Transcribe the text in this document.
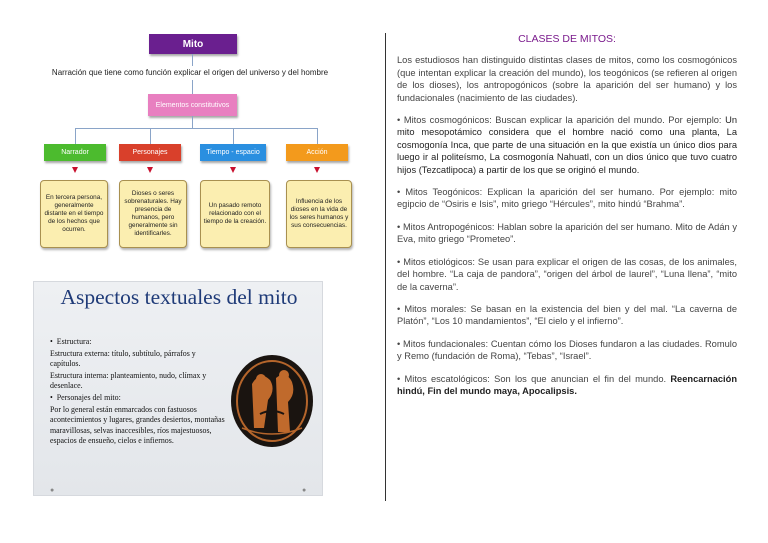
Mito
Narración que tiene como función explicar el origen del universo y del hombre
Elementos constitutivos
Narrador	Personajes	Tiempo - espacio	Acción
En tercera persona, generalmente distante en el tiempo de los hechos que ocurren.
Dioses o seres sobrenaturales. Hay presencia de humanos, pero generalmente sin identificarles.
Un pasado remoto relacionado con el tiempo de la creación.
Influencia de los dioses en la vida de los seres humanos y sus consecuencias.
Aspectos textuales del mito

• Estructura:

Estructura externa: título, subtítulo, párrafos y capítulos.

Estructura interna: planteamiento, nudo, clímax y desenlace.

• Personajes del mito:

Por lo general están enmarcados con fastuosos acontecimientos y lugares, grandes desiertos, montañas maravillosas, selvas inaccesibles, ríos majestuosos, espacios de ensueño, cielos e infiernos.

●	●
CLASES DE MITOS:

Los estudiosos han distinguido distintas clases de mitos, como los cosmogónicos (que intentan explicar la creación del mundo), los teogónicos (se refieren al origen de los dioses), los antropogónicos (sobre la aparición del ser humano) y los fundacionales (nacimiento de las ciudades).

• Mitos cosmogónicos: Buscan explicar la aparición del mundo. Por ejemplo: Un mito mesopotámico considera que el hombre nació como una planta, La cosmogonía Inca, que parte de una situación en la que existía un único dios para luego ir al politeísmo, La cosmogonía Nahuatl, con un dios único que tuvo cuatro hijos (Tezcatlipoca) a partir de los que se originó el mundo.

• Mitos Teogónicos: Explican la aparición del ser humano. Por ejemplo: mito egipcio de “Osiris e Isis”, mito griego “Hércules”, mito hindú “Brahma”.

• Mitos Antropogénicos: Hablan sobre la aparición del ser humano. Mito de Adán y Eva, mito griego “Prometeo”.

• Mitos etiológicos: Se usan para explicar el origen de las cosas, de los animales, del hombre. “La caja de pandora”, “origen del árbol de laurel”, “Luna llena”, “mito de la caverna”.

• Mitos morales: Se basan en la existencia del bien y del mal. “La caverna de Platón”, “Los 10 mandamientos”, “El cielo y el infierno”.

• Mitos fundacionales: Cuentan cómo los Dioses fundaron a las ciudades. Romulo y Remo (fundación de Roma), “Tebas”, “Israel”.

• Mitos escatológicos: Son los que anuncian el fin del mundo. Reencarnación hindú, Fin del mundo maya, Apocalipsis.
